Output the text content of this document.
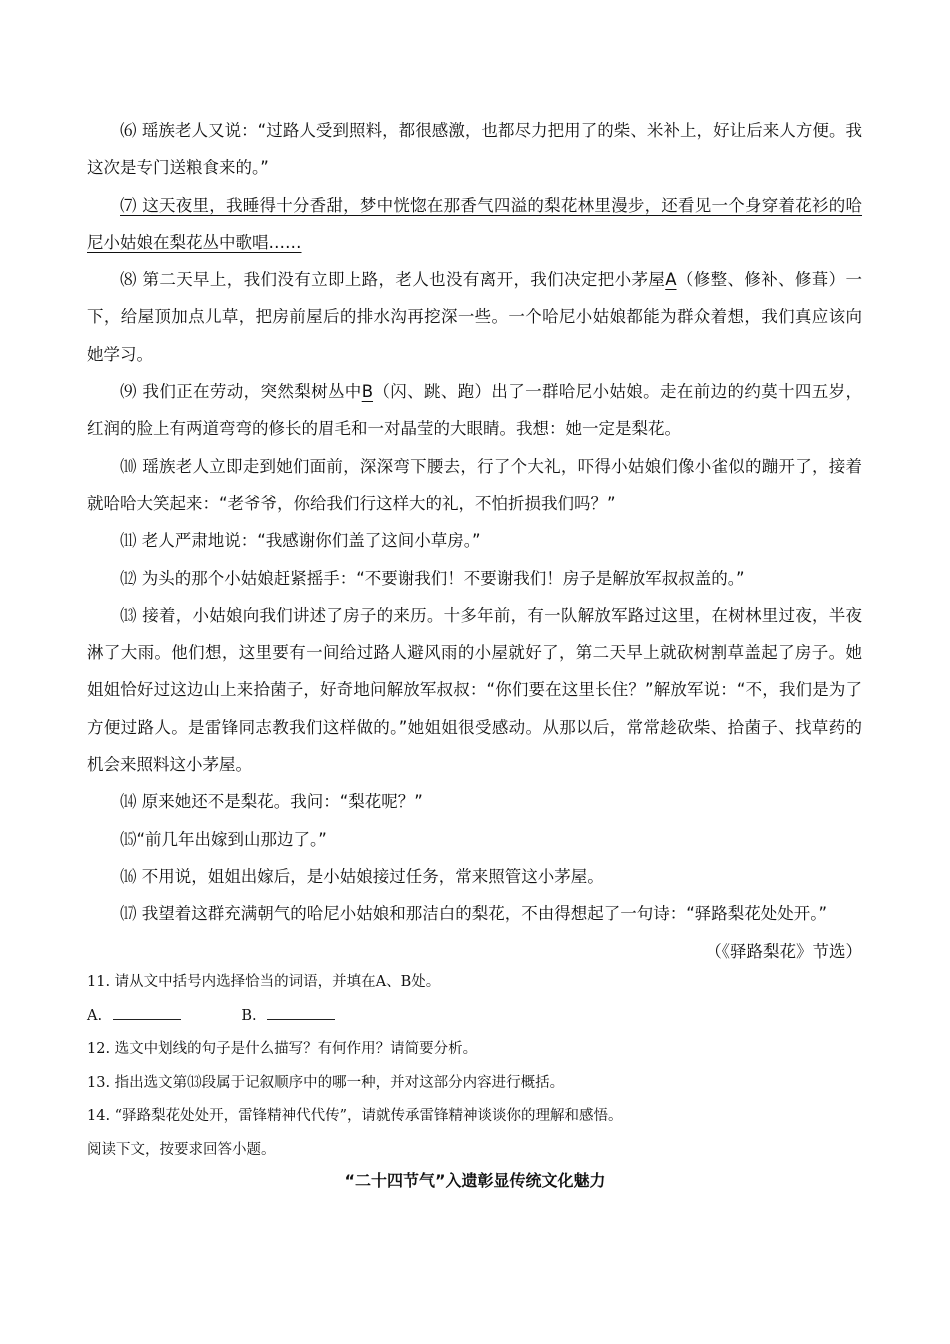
⑹ 瑶族老人又说：“过路人受到照料，都很感激，也都尽力把用了的柴、米补上，好让后来人方便。我这次是专门送粮食来的。”

⑺ 这天夜里，我睡得十分香甜，梦中恍惚在那香气四溢的梨花林里漫步，还看见一个身穿着花衫的哈尼小姑娘在梨花丛中歌唱……

⑻ 第二天早上，我们没有立即上路，老人也没有离开，我们决定把小茅屋A（修整、修补、修葺）一下，给屋顶加点儿草，把房前屋后的排水沟再挖深一些。一个哈尼小姑娘都能为群众着想，我们真应该向她学习。

⑼ 我们正在劳动，突然梨树丛中B（闪、跳、跑）出了一群哈尼小姑娘。走在前边的约莫十四五岁，红润的脸上有两道弯弯的修长的眉毛和一对晶莹的大眼睛。我想：她一定是梨花。

⑽ 瑶族老人立即走到她们面前，深深弯下腰去，行了个大礼，吓得小姑娘们像小雀似的蹦开了，接着就哈哈大笑起来：“老爷爷，你给我们行这样大的礼，不怕折损我们吗？”

⑾ 老人严肃地说：“我感谢你们盖了这间小草房。”

⑿ 为头的那个小姑娘赶紧摇手：“不要谢我们！不要谢我们！房子是解放军叔叔盖的。”

⒀ 接着，小姑娘向我们讲述了房子的来历。十多年前，有一队解放军路过这里，在树林里过夜，半夜淋了大雨。他们想，这里要有一间给过路人避风雨的小屋就好了，第二天早上就砍树割草盖起了房子。她姐姐恰好过这边山上来拾菌子，好奇地问解放军叔叔：“你们要在这里长住？”解放军说：“不，我们是为了方便过路人。是雷锋同志教我们这样做的。”她姐姐很受感动。从那以后，常常趁砍柴、拾菌子、找草药的机会来照料这小茅屋。

⒁ 原来她还不是梨花。我问：“梨花呢？”

⒂“前几年出嫁到山那边了。”

⒃ 不用说，姐姐出嫁后，是小姑娘接过任务，常来照管这小茅屋。

⒄ 我望着这群充满朝气的哈尼小姑娘和那洁白的梨花，不由得想起了一句诗：“驿路梨花处处开。”

（《驿路梨花》节选）

11. 请从文中括号内选择恰当的词语，并填在A、B处。

A.	B.

12. 选文中划线的句子是什么描写？有何作用？请简要分析。

13. 指出选文第⒀段属于记叙顺序中的哪一种，并对这部分内容进行概括。

14. “驿路梨花处处开，雷锋精神代代传”，请就传承雷锋精神谈谈你的理解和感悟。

阅读下文，按要求回答小题。

“二十四节气”入遗彰显传统文化魅力
